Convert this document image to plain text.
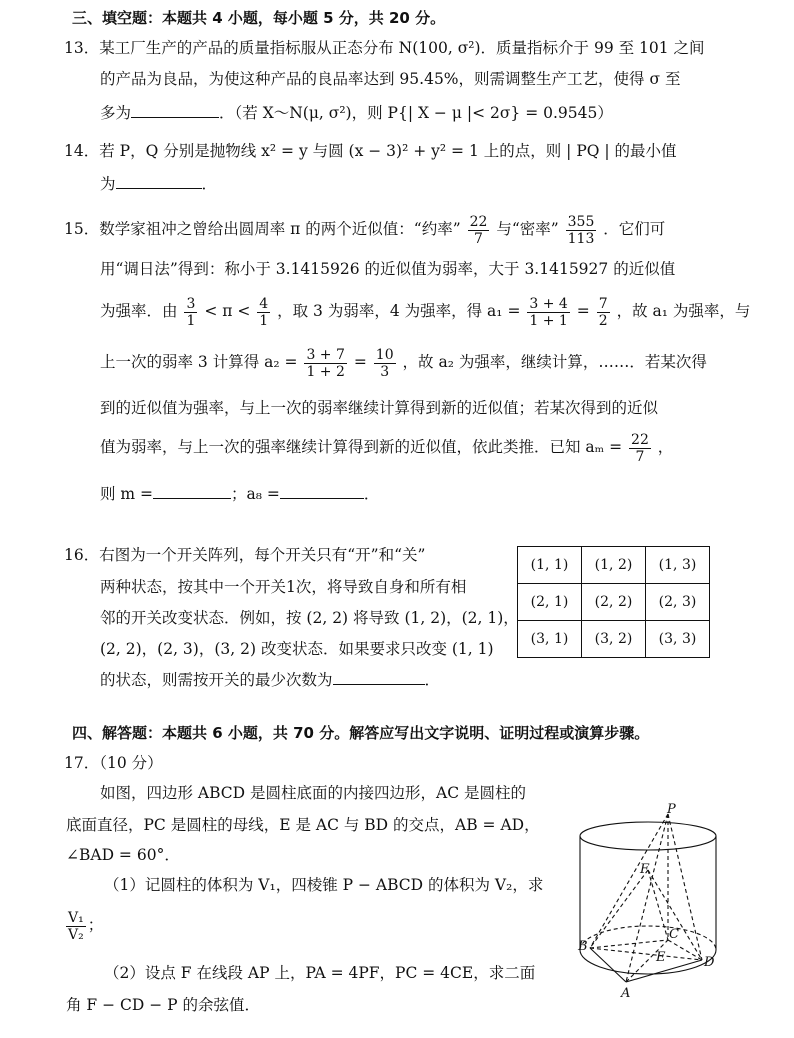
三、填空题：本题共 4 小题，每小题 5 分，共 20 分。
13．某工厂生产的产品的质量指标服从正态分布 N(100, σ²)．质量指标介于 99 至 101 之间
的产品为良品，为使这种产品的良品率达到 95.45%，则需调整生产工艺，使得 σ 至
多为	．（若 X～N(μ, σ²)，则 P{| X − μ |< 2σ} = 0.9545）
14．若 P，Q 分别是抛物线 x² = y 与圆 (x − 3)² + y² = 1 上的点，则 | PQ | 的最小值
为	．
15．数学家祖冲之曾给出圆周率 π 的两个近似值：“约率” $\frac{22}{7}$ 与“密率” $\frac{355}{113}$ ．它们可
用“调日法”得到：称小于 3.1415926 的近似值为弱率，大于 3.1415927 的近似值
为强率．由 $\frac{3}{1} < \pi < \frac{4}{1}$ ，取 3 为弱率，4 为强率，得 $a_1 = \frac{3 + 4}{1 + 1} = \frac{7}{2}$ ，故 a₁ 为强率，与
上一次的弱率 3 计算得 $a_2 = \frac{3 + 7}{1 + 2} = \frac{10}{3}$ ，故 a₂ 为强率，继续计算，……．若某次得
到的近似值为强率，与上一次的弱率继续计算得到新的近似值；若某次得到的近似
值为弱率，与上一次的强率继续计算得到新的近似值，依此类推．已知 $a_m = \frac{22}{7}$ ，
则 m =	；a₈ =	．
16．右图为一个开关阵列，每个开关只有“开”和“关”
两种状态，按其中一个开关1次，将导致自身和所有相
邻的开关改变状态．例如，按 (2, 2) 将导致 (1, 2)，(2, 1)，
(2, 2)，(2, 3)，(3, 2) 改变状态．如果要求只改变 (1, 1)
的状态，则需按开关的最少次数为	．
(1, 1)	(1, 2)	(1, 3)
(2, 1)	(2, 2)	(2, 3)
(3, 1)	(3, 2)	(3, 3)
四、解答题：本题共 6 小题，共 70 分。解答应写出文字说明、证明过程或演算步骤。
17．（10 分）
如图，四边形 ABCD 是圆柱底面的内接四边形，AC 是圆柱的
底面直径，PC 是圆柱的母线，E 是 AC 与 BD 的交点，AB = AD，
∠BAD = 60°．
（1）记圆柱的体积为 V₁，四棱锥 P − ABCD 的体积为 V₂，求
$\frac{\text{V₁}}{\text{V₂}}$ ；
（2）设点 F 在线段 AP 上，PA = 4PF，PC = 4CE，求二面
角 F − CD − P 的余弦值．
P
F
B
C
E	D
A
